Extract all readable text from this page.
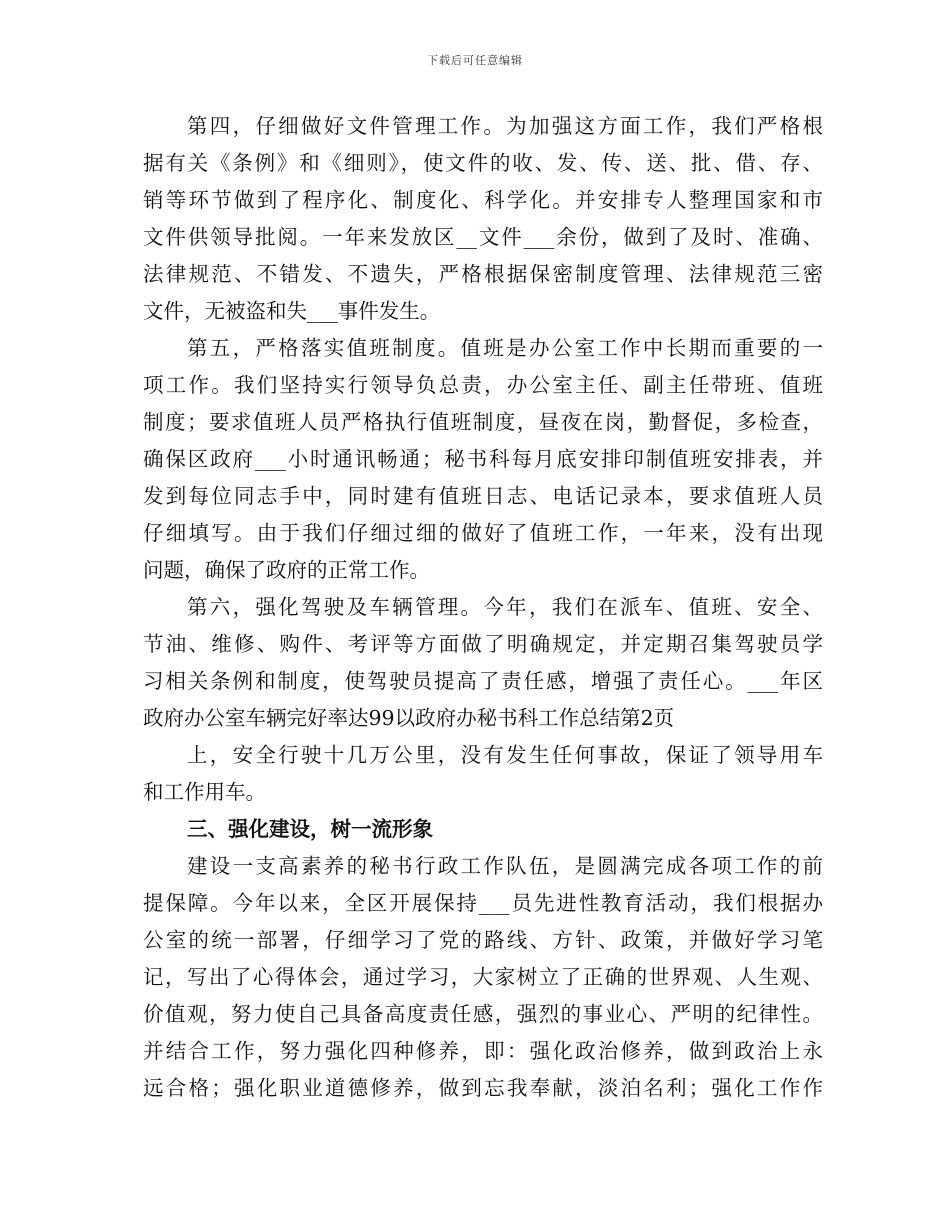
下载后可任意编辑
第四，仔细做好文件管理工作。为加强这方面工作，我们严格根
据有关《条例》和《细则》，使文件的收、发、传、送、批、借、存、
销等环节做到了程序化、制度化、科学化。并安排专人整理国家和市
文件供领导批阅。一年来发放区__文件___余份，做到了及时、准确、
法律规范、不错发、不遗失，严格根据保密制度管理、法律规范三密
文件，无被盗和失___事件发生。
第五，严格落实值班制度。值班是办公室工作中长期而重要的一
项工作。我们坚持实行领导负总责，办公室主任、副主任带班、值班
制度；要求值班人员严格执行值班制度，昼夜在岗，勤督促，多检查，
确保区政府___小时通讯畅通；秘书科每月底安排印制值班安排表，并
发到每位同志手中，同时建有值班日志、电话记录本，要求值班人员
仔细填写。由于我们仔细过细的做好了值班工作，一年来，没有出现
问题，确保了政府的正常工作。
第六，强化驾驶及车辆管理。今年，我们在派车、值班、安全、
节油、维修、购件、考评等方面做了明确规定，并定期召集驾驶员学
习相关条例和制度，使驾驶员提高了责任感，增强了责任心。___年区
政府办公室车辆完好率达99以政府办秘书科工作总结第2页
上，安全行驶十几万公里，没有发生任何事故，保证了领导用车
和工作用车。
三、强化建设，树一流形象
建设一支高素养的秘书行政工作队伍，是圆满完成各项工作的前
提保障。今年以来，全区开展保持___员先进性教育活动，我们根据办
公室的统一部署，仔细学习了党的路线、方针、政策，并做好学习笔
记，写出了心得体会，通过学习，大家树立了正确的世界观、人生观、
价值观，努力使自己具备高度责任感，强烈的事业心、严明的纪律性。
并结合工作，努力强化四种修养，即：强化政治修养，做到政治上永
远合格；强化职业道德修养，做到忘我奉献，淡泊名利；强化工作作
